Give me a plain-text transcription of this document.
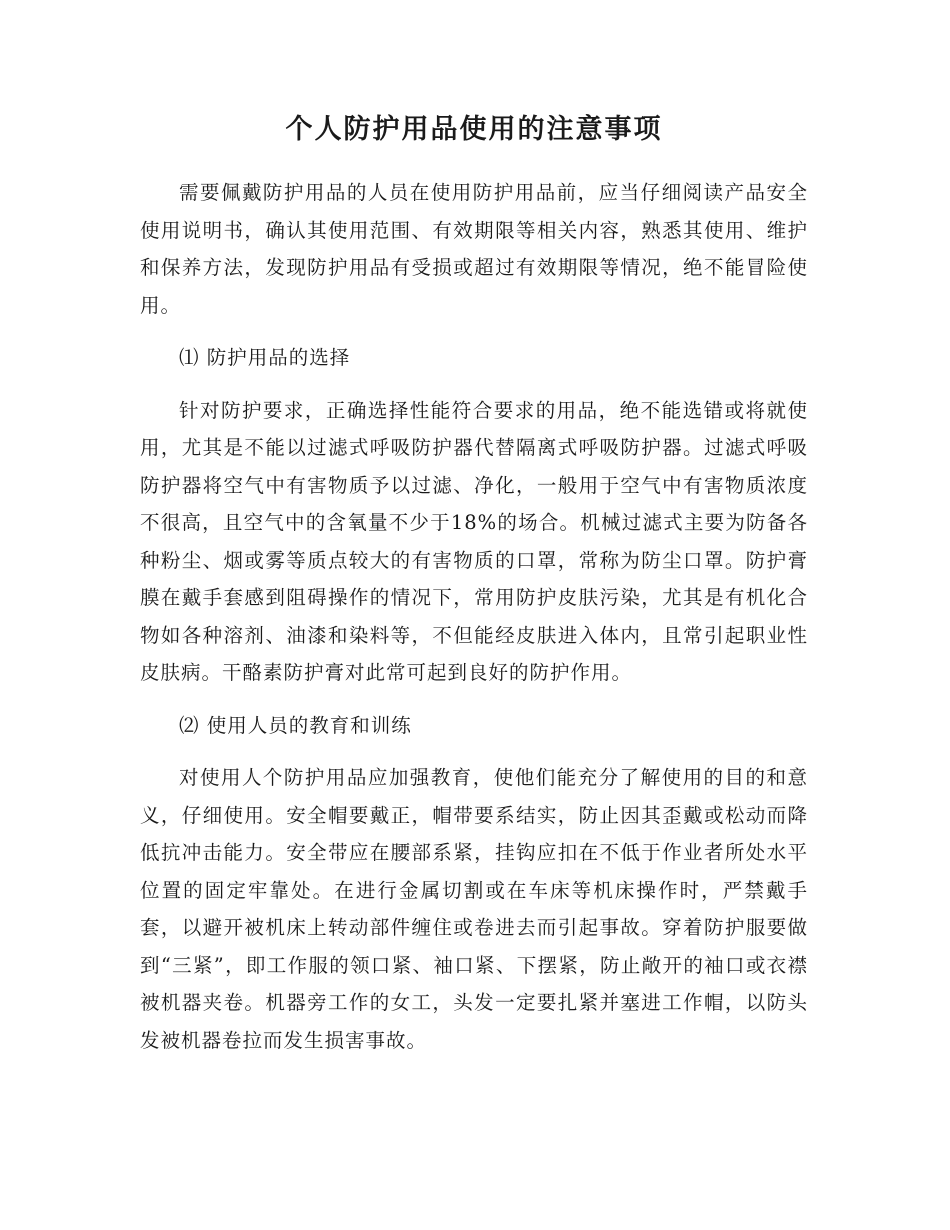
个人防护用品使用的注意事项

需要佩戴防护用品的人员在使用防护用品前，应当仔细阅读产品安全使用说明书，确认其使用范围、有效期限等相关内容，熟悉其使用、维护和保养方法，发现防护用品有受损或超过有效期限等情况，绝不能冒险使用。

⑴ 防护用品的选择

针对防护要求，正确选择性能符合要求的用品，绝不能选错或将就使用，尤其是不能以过滤式呼吸防护器代替隔离式呼吸防护器。过滤式呼吸防护器将空气中有害物质予以过滤、净化，一般用于空气中有害物质浓度不很高，且空气中的含氧量不少于18%的场合。机械过滤式主要为防备各种粉尘、烟或雾等质点较大的有害物质的口罩，常称为防尘口罩。防护膏膜在戴手套感到阻碍操作的情况下，常用防护皮肤污染，尤其是有机化合物如各种溶剂、油漆和染料等，不但能经皮肤进入体内，且常引起职业性皮肤病。干酪素防护膏对此常可起到良好的防护作用。

⑵ 使用人员的教育和训练

对使用人个防护用品应加强教育，使他们能充分了解使用的目的和意义，仔细使用。安全帽要戴正，帽带要系结实，防止因其歪戴或松动而降低抗冲击能力。安全带应在腰部系紧，挂钩应扣在不低于作业者所处水平位置的固定牢靠处。在进行金属切割或在车床等机床操作时，严禁戴手套，以避开被机床上转动部件缠住或卷进去而引起事故。穿着防护服要做到“三紧”，即工作服的领口紧、袖口紧、下摆紧，防止敞开的袖口或衣襟被机器夹卷。机器旁工作的女工，头发一定要扎紧并塞进工作帽，以防头发被机器卷拉而发生损害事故。
